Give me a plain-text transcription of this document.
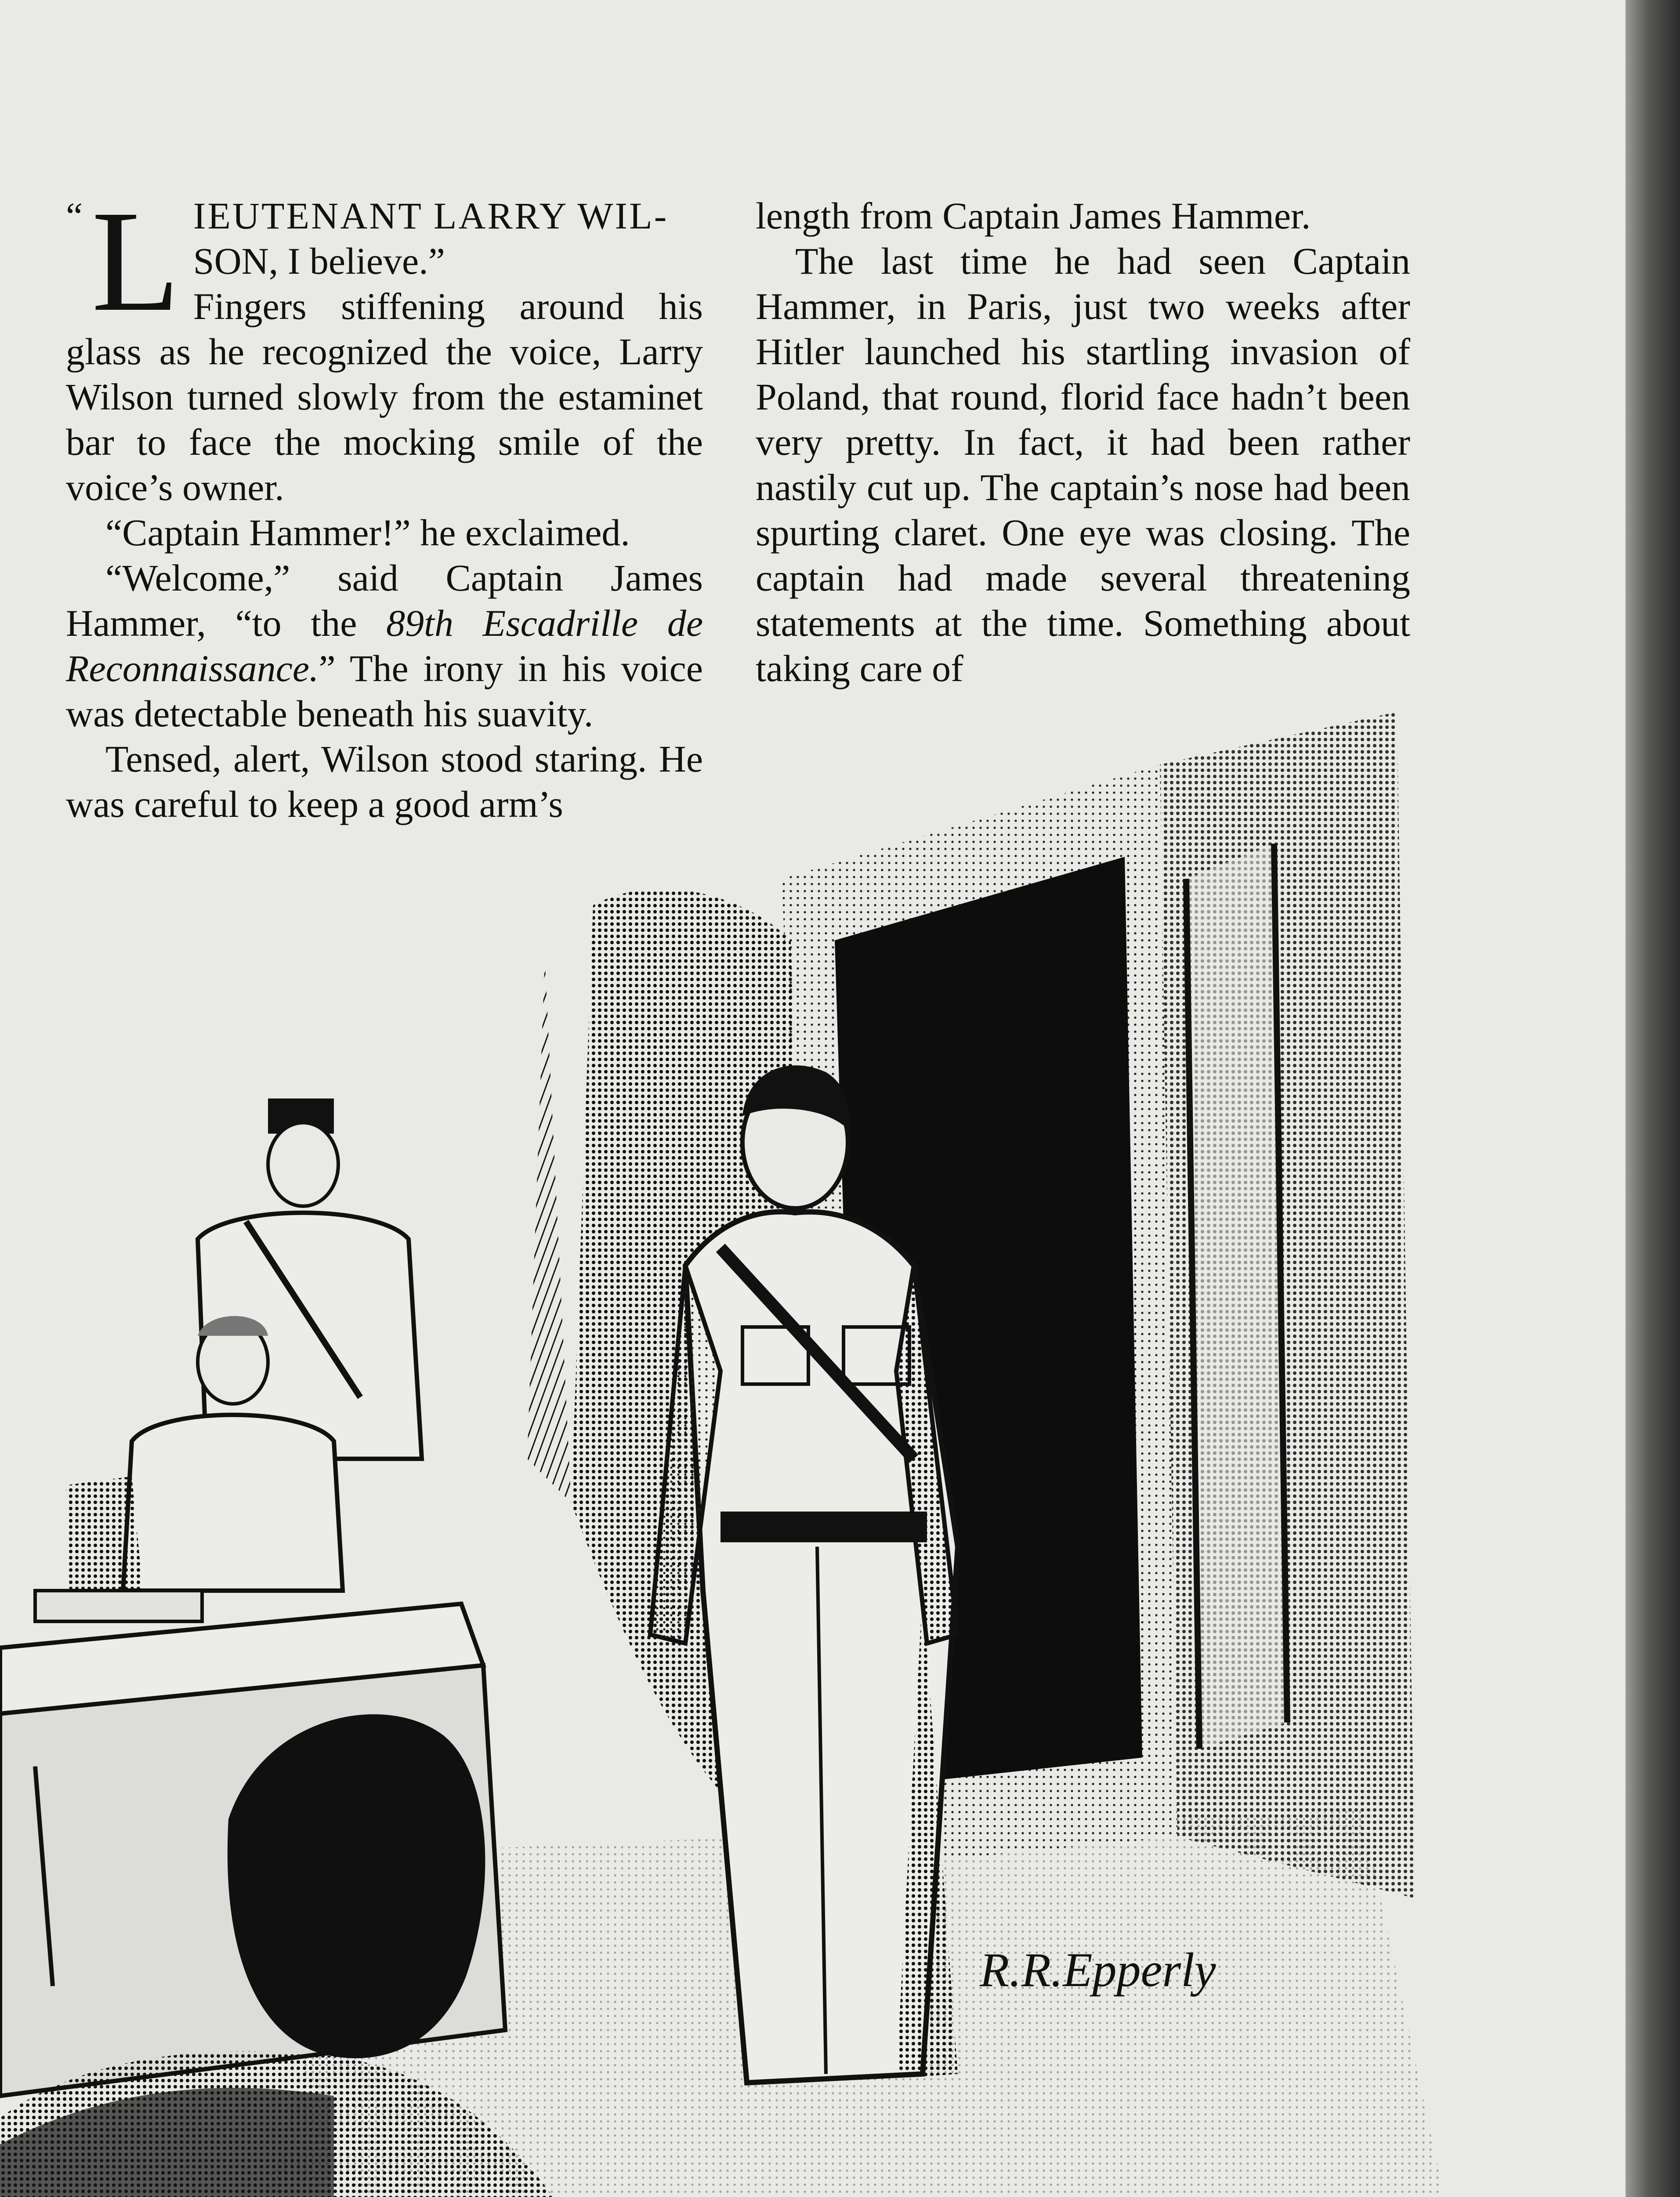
“ L IEUTENANT LARRY WIL-

SON, I believe.”

Fingers stiffening around his glass as he recognized the voice, Larry Wilson turned slowly from the estaminet bar to face the mocking smile of the voice’s owner.

“Captain Hammer!” he exclaimed.

“Welcome,” said Captain James Hammer, “to the 89th Escadrille de Reconnaissance.” The irony in his voice was detectable beneath his suavity.

Tensed, alert, Wilson stood staring. He was careful to keep a good arm’s

length from Captain James Hammer.

The last time he had seen Captain Hammer, in Paris, just two weeks after Hitler launched his startling invasion of Poland, that round, florid face hadn’t been very pretty. In fact, it had been rather nastily cut up. The captain’s nose had been spurting claret. One eye was closing. The captain had made several threatening statements at the time. Something about taking care of

R.R.Epperly
